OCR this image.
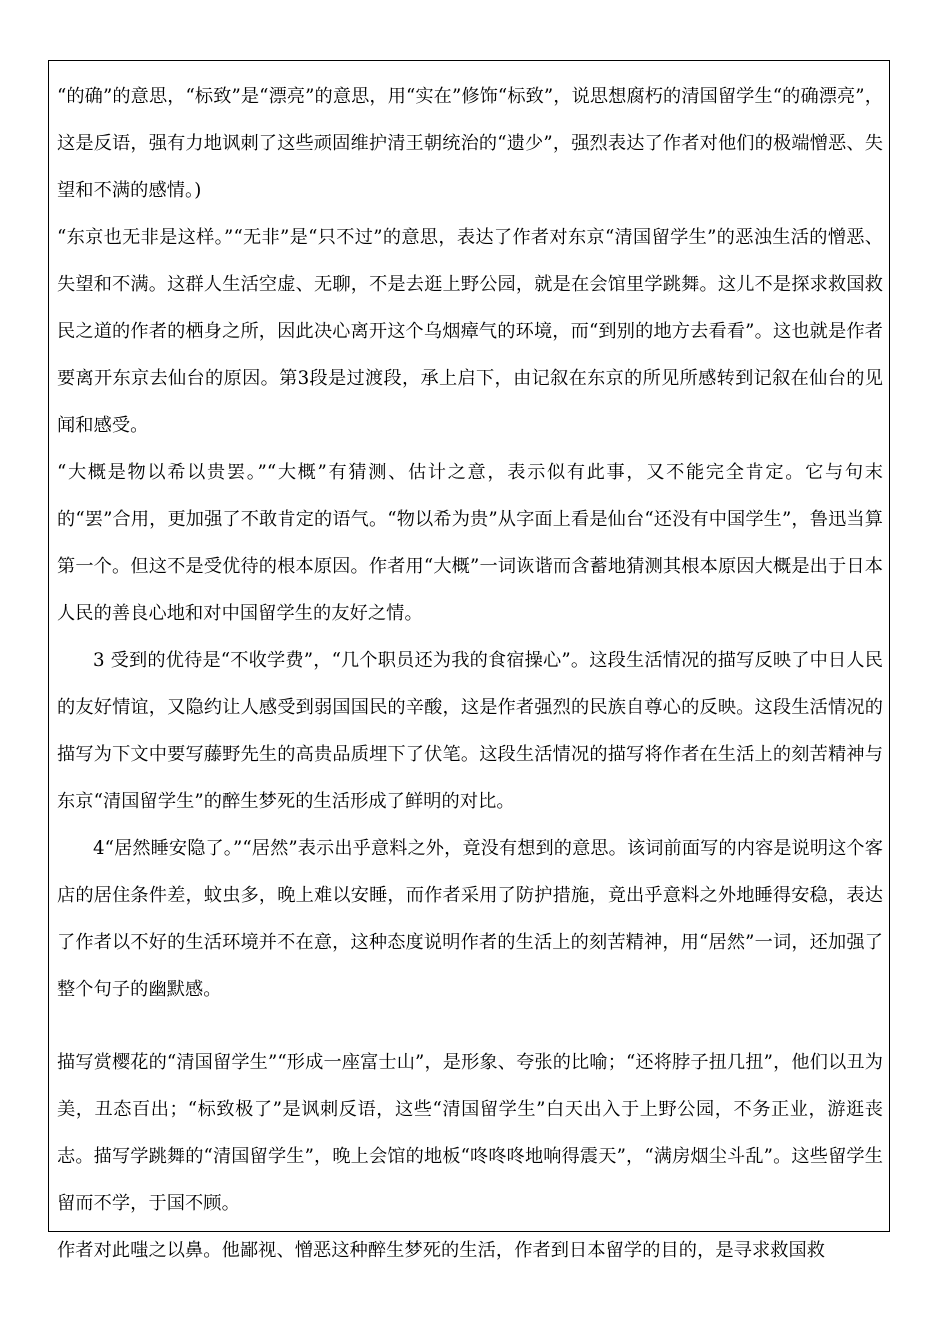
“的确”的意思，“标致”是“漂亮”的意思，用“实在”修饰“标致”，说思想腐朽的清国留学生“的确漂亮”，这是反语，强有力地讽刺了这些顽固维护清王朝统治的“遗少”，强烈表达了作者对他们的极端憎恶、失望和不满的感情。)

“东京也无非是这样。”“无非”是“只不过”的意思，表达了作者对东京“清国留学生”的恶浊生活的憎恶、失望和不满。这群人生活空虚、无聊，不是去逛上野公园，就是在会馆里学跳舞。这儿不是探求救国救民之道的作者的栖身之所，因此决心离开这个乌烟瘴气的环境，而“到别的地方去看看”。这也就是作者要离开东京去仙台的原因。第3段是过渡段，承上启下，由记叙在东京的所见所感转到记叙在仙台的见闻和感受。

“大概是物以希以贵罢。”“大概”有猜测、估计之意，表示似有此事，又不能完全肯定。它与句末的“罢”合用，更加强了不敢肯定的语气。“物以希为贵”从字面上看是仙台“还没有中国学生”，鲁迅当算第一个。但这不是受优待的根本原因。作者用“大概”一词诙谐而含蓄地猜测其根本原因大概是出于日本人民的善良心地和对中国留学生的友好之情。

3 受到的优待是“不收学费”，“几个职员还为我的食宿操心”。这段生活情况的描写反映了中日人民的友好情谊，又隐约让人感受到弱国国民的辛酸，这是作者强烈的民族自尊心的反映。这段生活情况的描写为下文中要写藤野先生的高贵品质埋下了伏笔。这段生活情况的描写将作者在生活上的刻苦精神与东京“清国留学生”的醉生梦死的生活形成了鲜明的对比。

4“居然睡安隐了。”“居然”表示出乎意料之外，竟没有想到的意思。该词前面写的内容是说明这个客店的居住条件差，蚊虫多，晚上难以安睡，而作者采用了防护措施，竟出乎意料之外地睡得安稳，表达了作者以不好的生活环境并不在意，这种态度说明作者的生活上的刻苦精神，用“居然”一词，还加强了整个句子的幽默感。

描写赏樱花的“清国留学生”“形成一座富士山”，是形象、夸张的比喻；“还将脖子扭几扭”，他们以丑为美，丑态百出；“标致极了”是讽刺反语，这些“清国留学生”白天出入于上野公园，不务正业，游逛丧志。描写学跳舞的“清国留学生”，晚上会馆的地板“咚咚咚地响得震天”，“满房烟尘斗乱”。这些留学生留而不学，于国不顾。

作者对此嗤之以鼻。他鄙视、憎恶这种醉生梦死的生活，作者到日本留学的目的，是寻求救国救
